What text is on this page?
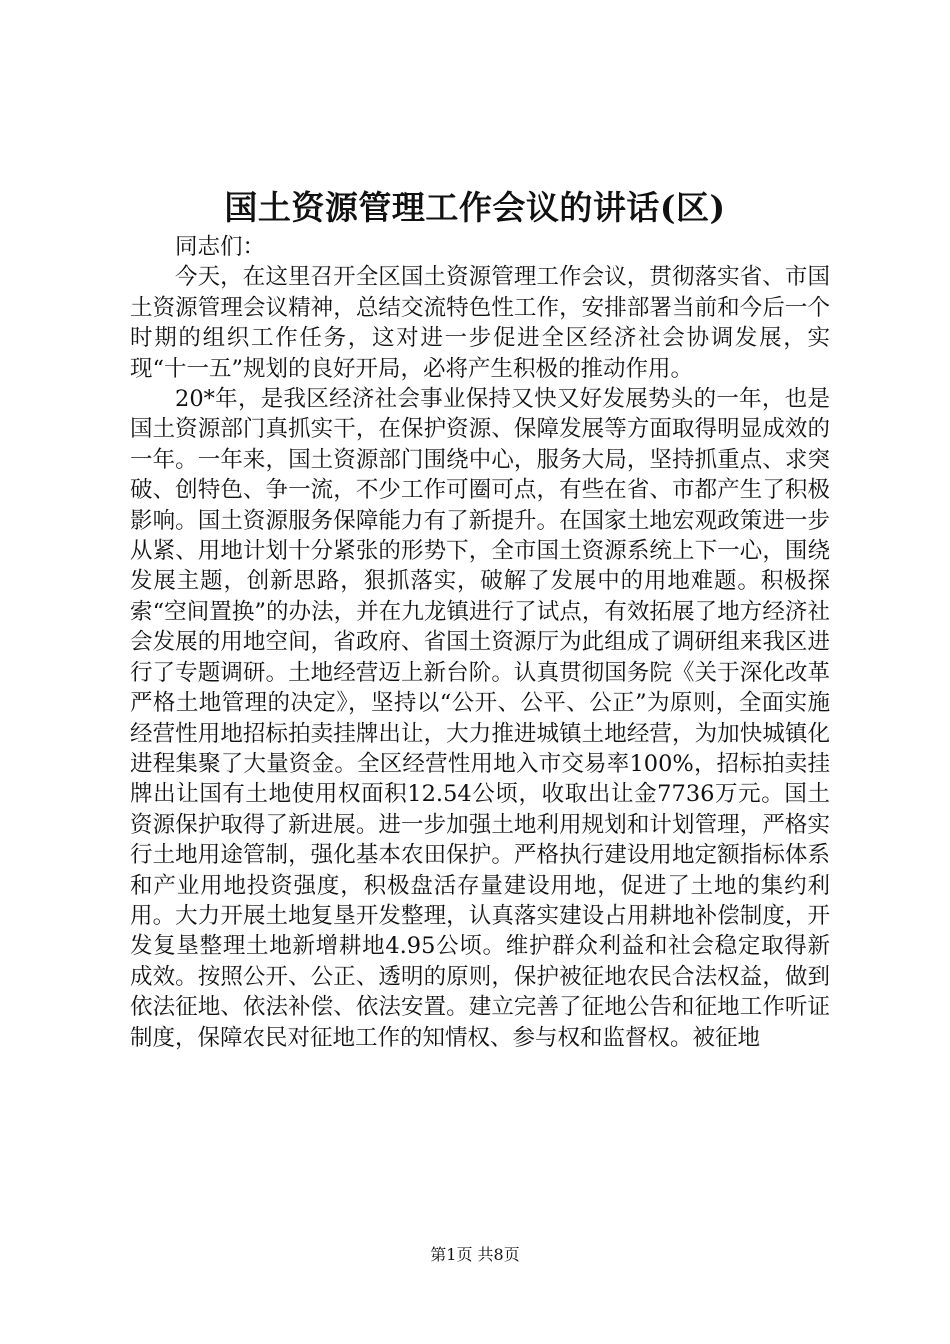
国土资源管理工作会议的讲话(区)

同志们：

今天，在这里召开全区国土资源管理工作会议，贯彻落实省、市国土资源管理会议精神，总结交流特色性工作，安排部署当前和今后一个时期的组织工作任务，这对进一步促进全区经济社会协调发展，实现“十一五”规划的良好开局，必将产生积极的推动作用。

20*年，是我区经济社会事业保持又快又好发展势头的一年，也是国土资源部门真抓实干，在保护资源、保障发展等方面取得明显成效的一年。一年来，国土资源部门围绕中心，服务大局，坚持抓重点、求突破、创特色、争一流，不少工作可圈可点，有些在省、市都产生了积极影响。国土资源服务保障能力有了新提升。在国家土地宏观政策进一步从紧、用地计划十分紧张的形势下，全市国土资源系统上下一心，围绕发展主题，创新思路，狠抓落实，破解了发展中的用地难题。积极探索“空间置换”的办法，并在九龙镇进行了试点，有效拓展了地方经济社会发展的用地空间，省政府、省国土资源厅为此组成了调研组来我区进行了专题调研。土地经营迈上新台阶。认真贯彻国务院《关于深化改革严格土地管理的决定》，坚持以“公开、公平、公正”为原则，全面实施经营性用地招标拍卖挂牌出让，大力推进城镇土地经营，为加快城镇化进程集聚了大量资金。全区经营性用地入市交易率100%，招标拍卖挂牌出让国有土地使用权面积12.54公顷，收取出让金7736万元。国土资源保护取得了新进展。进一步加强土地利用规划和计划管理，严格实行土地用途管制，强化基本农田保护。严格执行建设用地定额指标体系和产业用地投资强度，积极盘活存量建设用地，促进了土地的集约利用。大力开展土地复垦开发整理，认真落实建设占用耕地补偿制度，开发复垦整理土地新增耕地4.95公顷。维护群众利益和社会稳定取得新成效。按照公开、公正、透明的原则，保护被征地农民合法权益，做到依法征地、依法补偿、依法安置。建立完善了征地公告和征地工作听证制度，保障农民对征地工作的知情权、参与权和监督权。被征地

第1页 共8页
